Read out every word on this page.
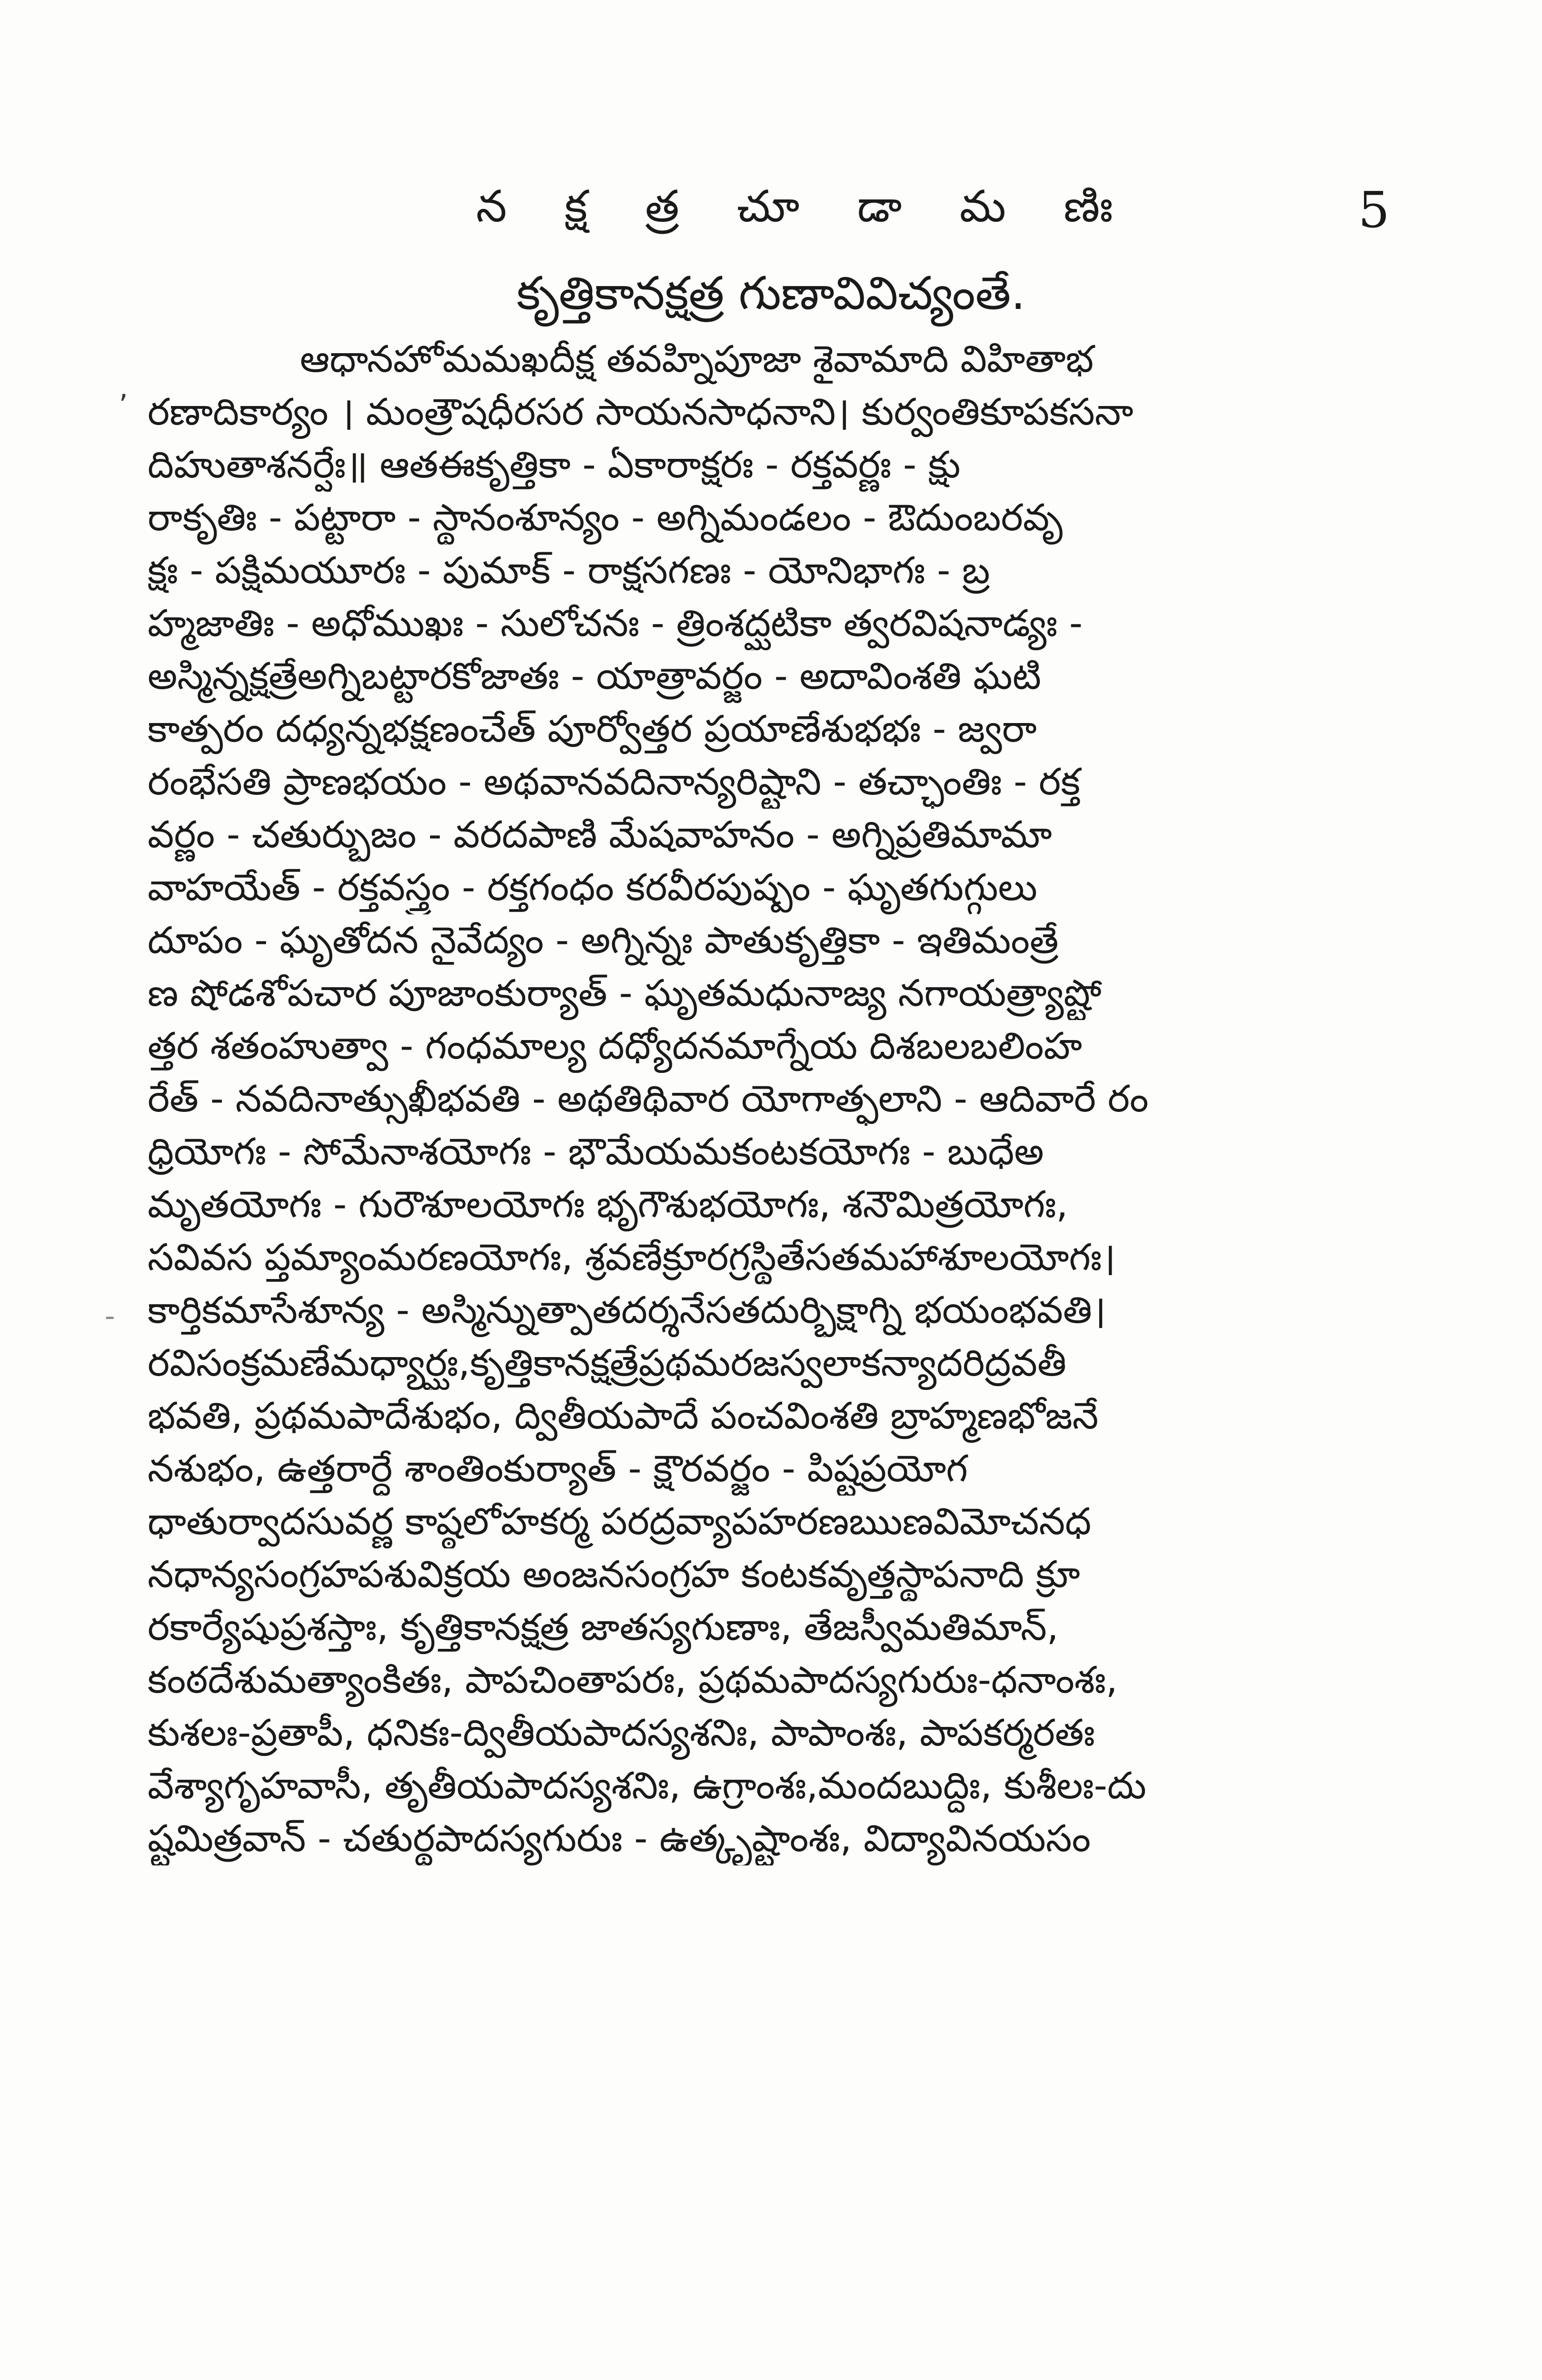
న క్ష త్ర చూ డా మ ణిః	5
కృత్తికానక్షత్ర గుణావివిచ్యంతే.
,
-
ఆధానహోమమఖదీక్ష తవహ్నిపూజా శైవామాది విహితాభ
రణాదికార్యం । మంత్రౌషధీరసర సాయనసాధనాని। కుర్వంతికూపకసనా
దిహుతాశనర్షేః॥ ఆతఈకృత్తికా - ఏకారాక్షరః - రక్తవర్ణః - క్షు
రాకృతిః - పట్టారా - స్థానంశూన్యం - అగ్నిమండలం - ఔదుంబరవృ
క్షః - పక్షిమయూరః - పుమాక్ - రాక్షసగణః - యోనిభాగః - బ్ర
హ్మజాతిః - అధోముఖః - సులోచనః - త్రింశద్ఘటికా త్వరవిషనాడ్యః -
అస్మిన్నక్షత్రేఅగ్నిబట్టారకోజాతః - యాత్రావర్జం - అదావింశతి ఘటి
కాత్పరం దధ్యన్నభక్షణంచేత్ పూర్వోత్తర ప్రయాణేశుభభః - జ్వరా
రంభేసతి ప్రాణభయం - అథవానవదినాన్యరిష్టాని - తచ్ఛాంతిః - రక్త
వర్ణం - చతుర్భుజం - వరదపాణి మేషవాహనం - అగ్నిప్రతిమామా
వాహయేత్ - రక్తవస్త్రం - రక్తగంధం కరవీరపుష్పం - ఘృతగుగ్గులు
దూపం - ఘృతోదన నైవేద్యం - అగ్నిన్నః పాతుకృత్తికా - ఇతిమంత్రే
ణ షోడశోపచార పూజాంకుర్యాత్ - ఘృతమధునాజ్య నగాయత్ర్యాష్టో
త్తర శతంహుత్వా - గంధమాల్య దధ్యోదనమాగ్నేయ దిశబలబలింహ
రేత్ - నవదినాత్సుఖీభవతి - అథతిథివార యోగాత్ఫలాని - ఆదివారే రం
ధ్రియోగః - సోమేనాశయోగః - భౌమేయమకంటకయోగః - బుధేఅ
మృతయోగః - గురౌశూలయోగః భృగౌశుభయోగః, శనౌమిత్రయోగః,
సవివస ప్తమ్యాంమరణయోగః, శ్రవణేక్రూరగ్రస్థితేసతమహాశూలయోగః।
కార్తికమాసేశూన్య - అస్మిన్నుత్పాతదర్శనేసతదుర్భిక్షాగ్ని భయంభవతి।
రవిసంక్రమణేమధ్యార్ఘః,కృత్తికానక్షత్రేప్రథమరజస్వలాకన్యాదరిద్రవతీ
భవతి, ప్రథమపాదేశుభం, ద్వితీయపాదే పంచవింశతి బ్రాహ్మణభోజనే
నశుభం, ఉత్తరార్ధే శాంతింకుర్యాత్ - క్షౌరవర్జం - పిష్టప్రయోగ
ధాతుర్వాదసువర్ణ కాష్ఠలోహకర్మ పరద్రవ్యాపహరణఋణవిమోచనధ
నధాన్యసంగ్రహపశువిక్రయ అంజనసంగ్రహ కంటకవృత్తస్థాపనాది క్రూ
రకార్యేషుప్రశస్తాః, కృత్తికానక్షత్ర జాతస్యగుణాః, తేజస్వీమతిమాన్,
కంఠదేశుమత్యాంకితః, పాపచింతాపరః, ప్రథమపాదస్యగురుః-ధనాంశః,
కుశలః-ప్రతాపీ, ధనికః-ద్వితీయపాదస్యశనిః, పాపాంశః, పాపకర్మరతః
వేశ్యాగృహవాసీ, తృతీయపాదస్యశనిః, ఉగ్రాంశః,మందబుద్ధిః, కుశీలః-దు
ష్టమిత్రవాన్ - చతుర్థపాదస్యగురుః - ఉత్కృష్టాంశః, విద్యావినయసం
